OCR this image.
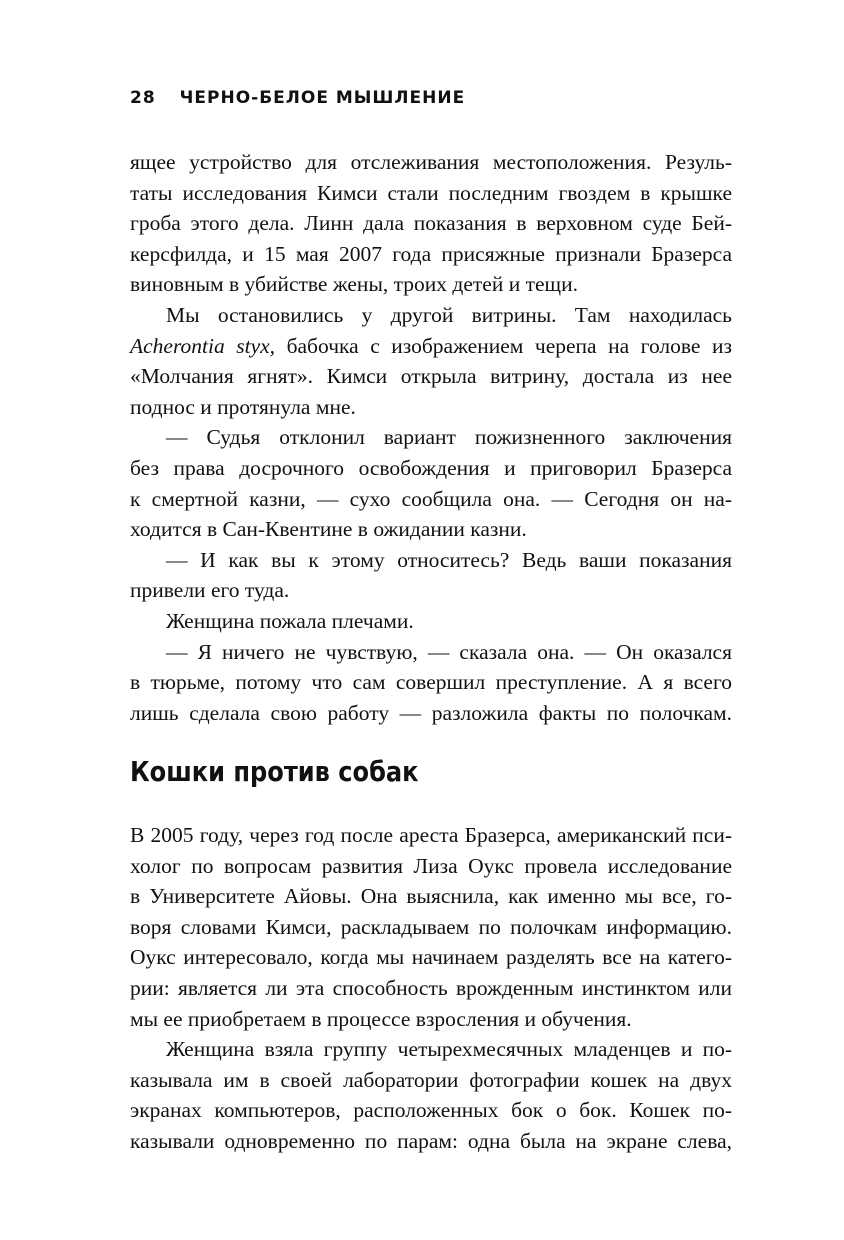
28 ЧЕРНО-БЕЛОЕ МЫШЛЕНИЕ

ящее устройство для отслеживания местоположения. Резуль-

таты исследования Кимси стали последним гвоздем в крышке

гроба этого дела. Линн дала показания в верховном суде Бей-

керсфилда, и 15 мая 2007 года присяжные признали Бразерса

виновным в убийстве жены, троих детей и тещи.

Мы остановились у другой витрины. Там находилась

Acherontia styx, бабочка с изображением черепа на голове из

«Молчания ягнят». Кимси открыла витрину, достала из нее

поднос и протянула мне.

— Судья отклонил вариант пожизненного заключения

без права досрочного освобождения и приговорил Бразерса

к смертной казни, — сухо сообщила она. — Сегодня он на-

ходится в Сан-Квентине в ожидании казни.

— И как вы к этому относитесь? Ведь ваши показания

привели его туда.

Женщина пожала плечами.

— Я ничего не чувствую, — сказала она. — Он оказался

в тюрьме, потому что сам совершил преступление. А я всего

лишь сделала свою работу — разложила факты по полочкам.

Кошки против собак

В 2005 году, через год после ареста Бразерса, американский пси-

холог по вопросам развития Лиза Оукс провела исследование

в Университете Айовы. Она выяснила, как именно мы все, го-

воря словами Кимси, раскладываем по полочкам информацию.

Оукс интересовало, когда мы начинаем разделять все на катего-

рии: является ли эта способность врожденным инстинктом или

мы ее приобретаем в процессе взросления и обучения.

Женщина взяла группу четырехмесячных младенцев и по-

казывала им в своей лаборатории фотографии кошек на двух

экранах компьютеров, расположенных бок о бок. Кошек по-

казывали одновременно по парам: одна была на экране слева,
